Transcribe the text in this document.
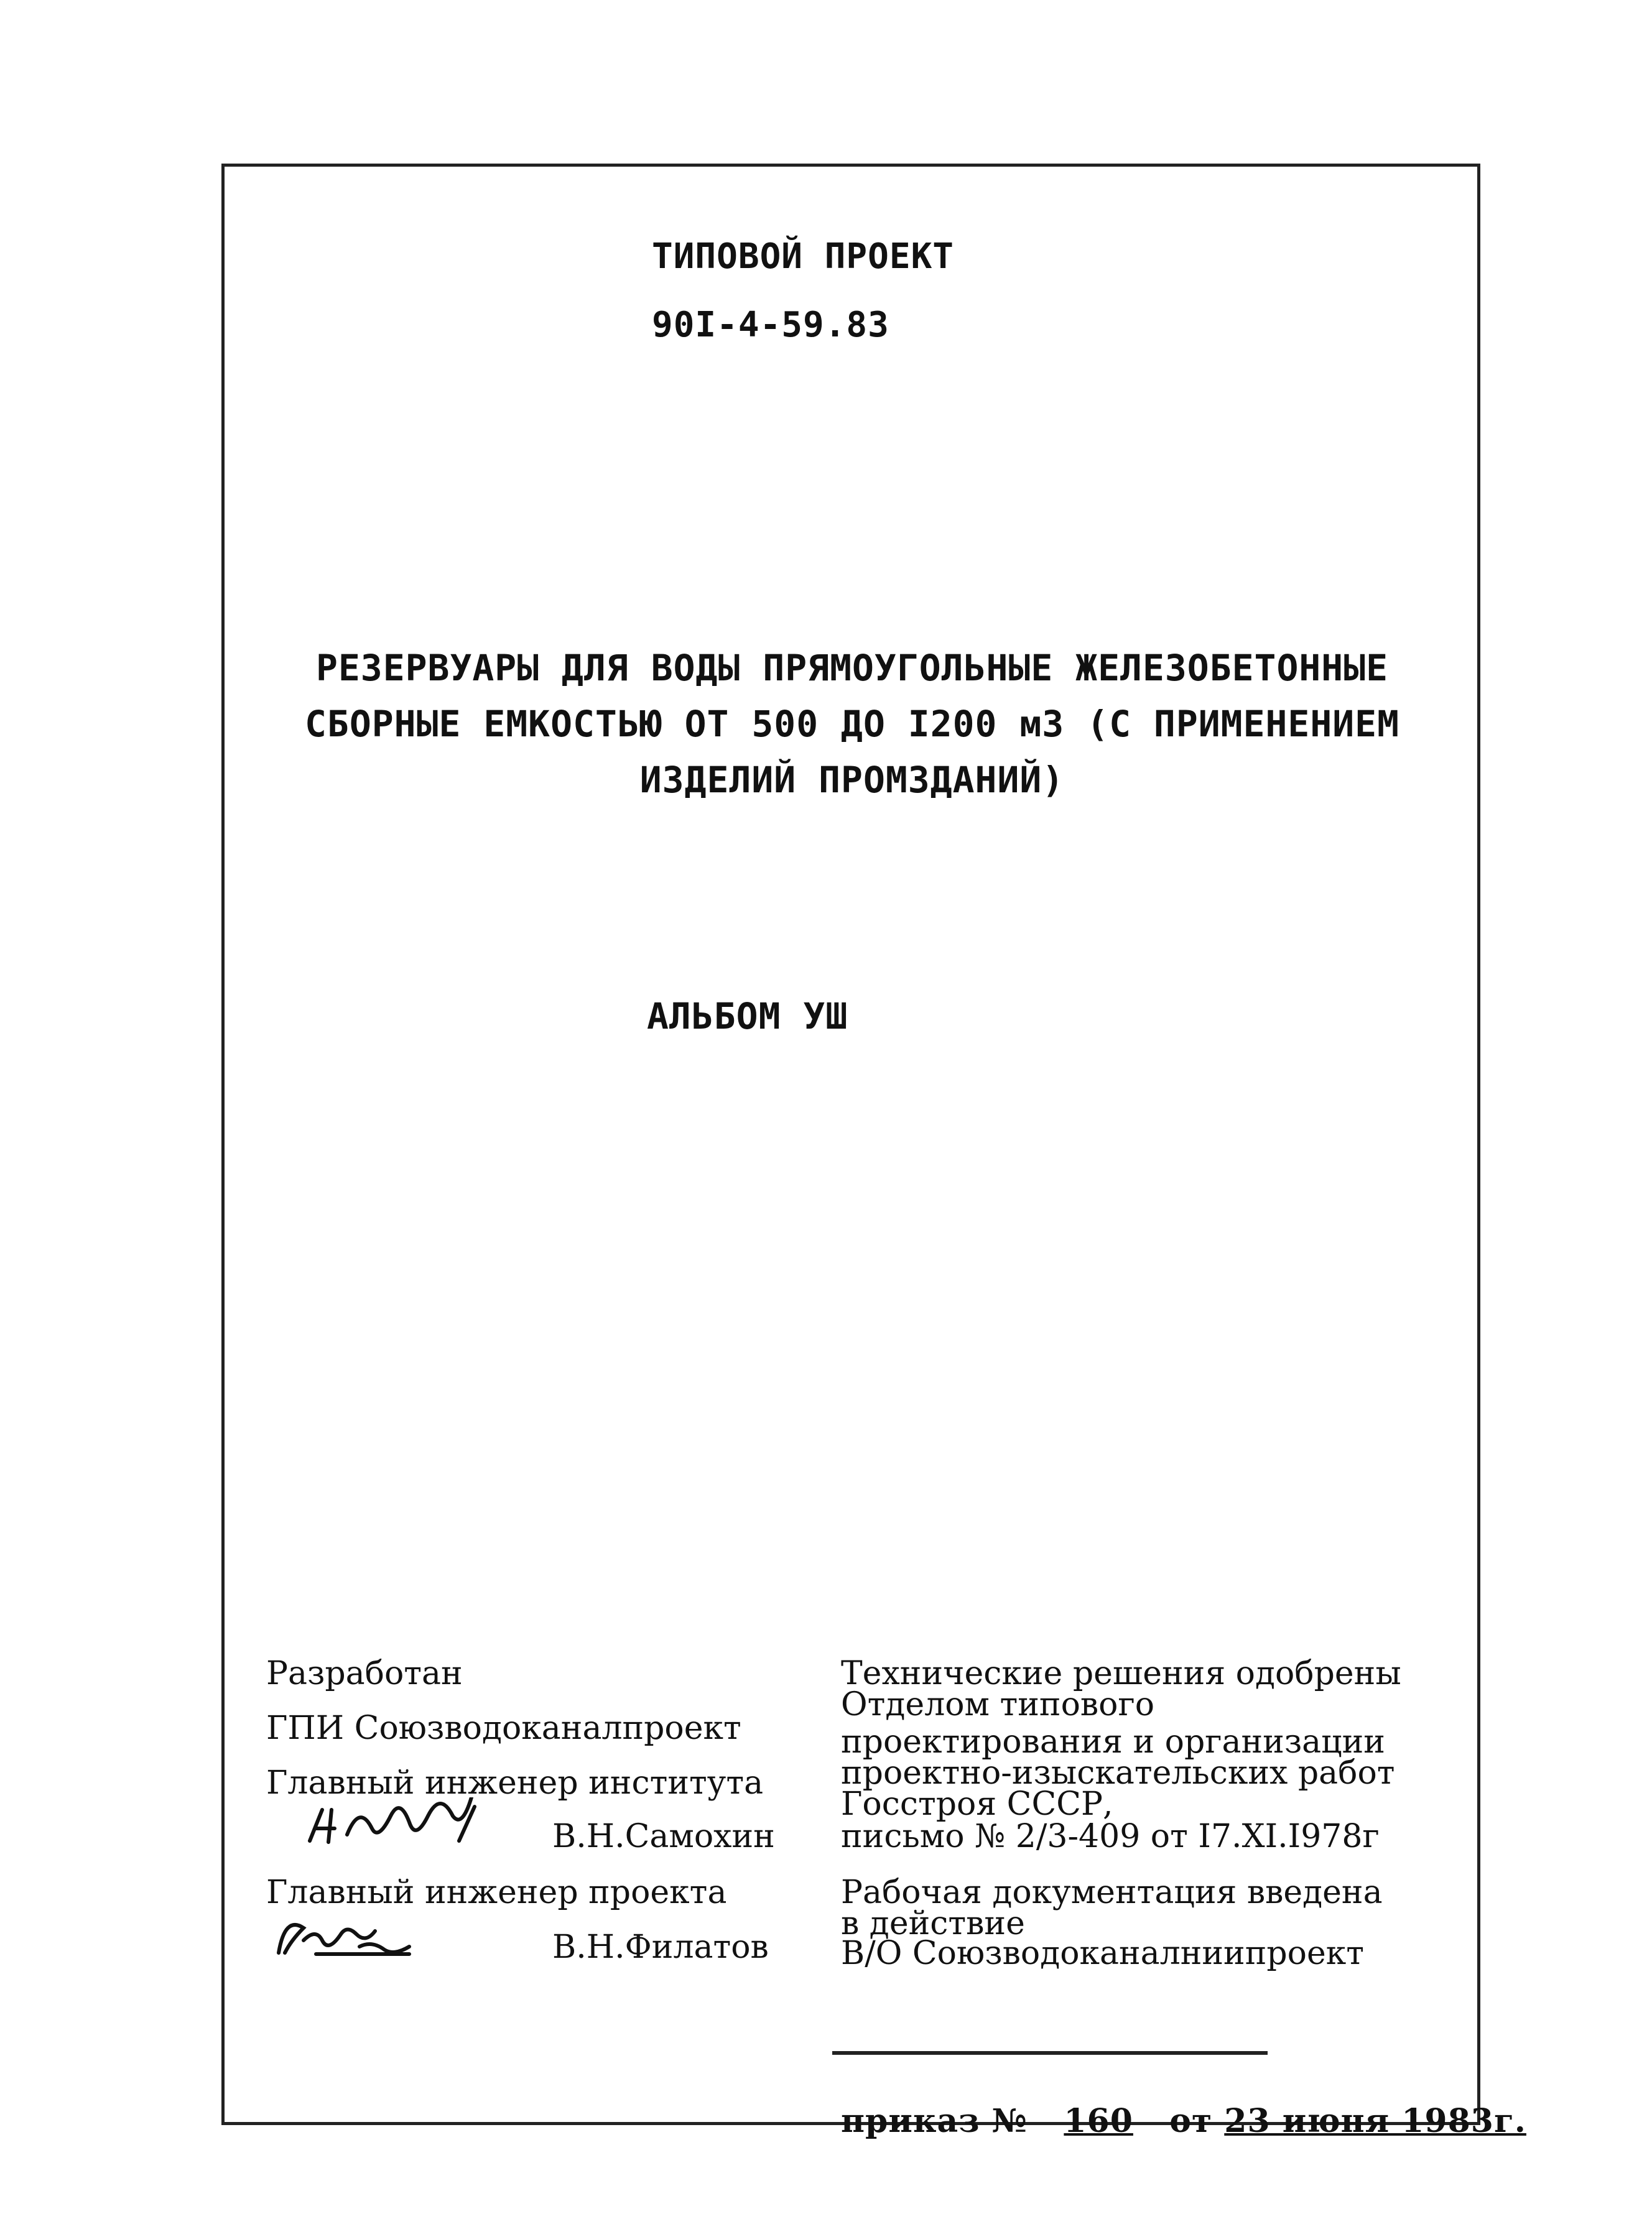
ТИПОВОЙ ПРОЕКТ
90I-4-59.83
РЕЗЕРВУАРЫ ДЛЯ ВОДЫ ПРЯМОУГОЛЬНЫЕ ЖЕЛЕЗОБЕТОННЫЕ
СБОРНЫЕ ЕМКОСТЬЮ ОТ 500 ДО I200 м3 (С ПРИМЕНЕНИЕМ
ИЗДЕЛИЙ ПРОМЗДАНИЙ)
АЛЬБОМ УШ
Разработан
ГПИ Союзводоканалпроект
Главный инженер института
В.Н.Самохин
Главный инженер проекта
В.Н.Филатов
Технические решения одобрены
Отделом типового
проектирования и организации
проектно-изыскательских работ
Госстроя СССР,
письмо № 2/3-409 от I7.XI.I978г
Рабочая документация введена
в действие
В/О Союзводоканалниипроект
приказ № 160 от 23 июня 1983г.
